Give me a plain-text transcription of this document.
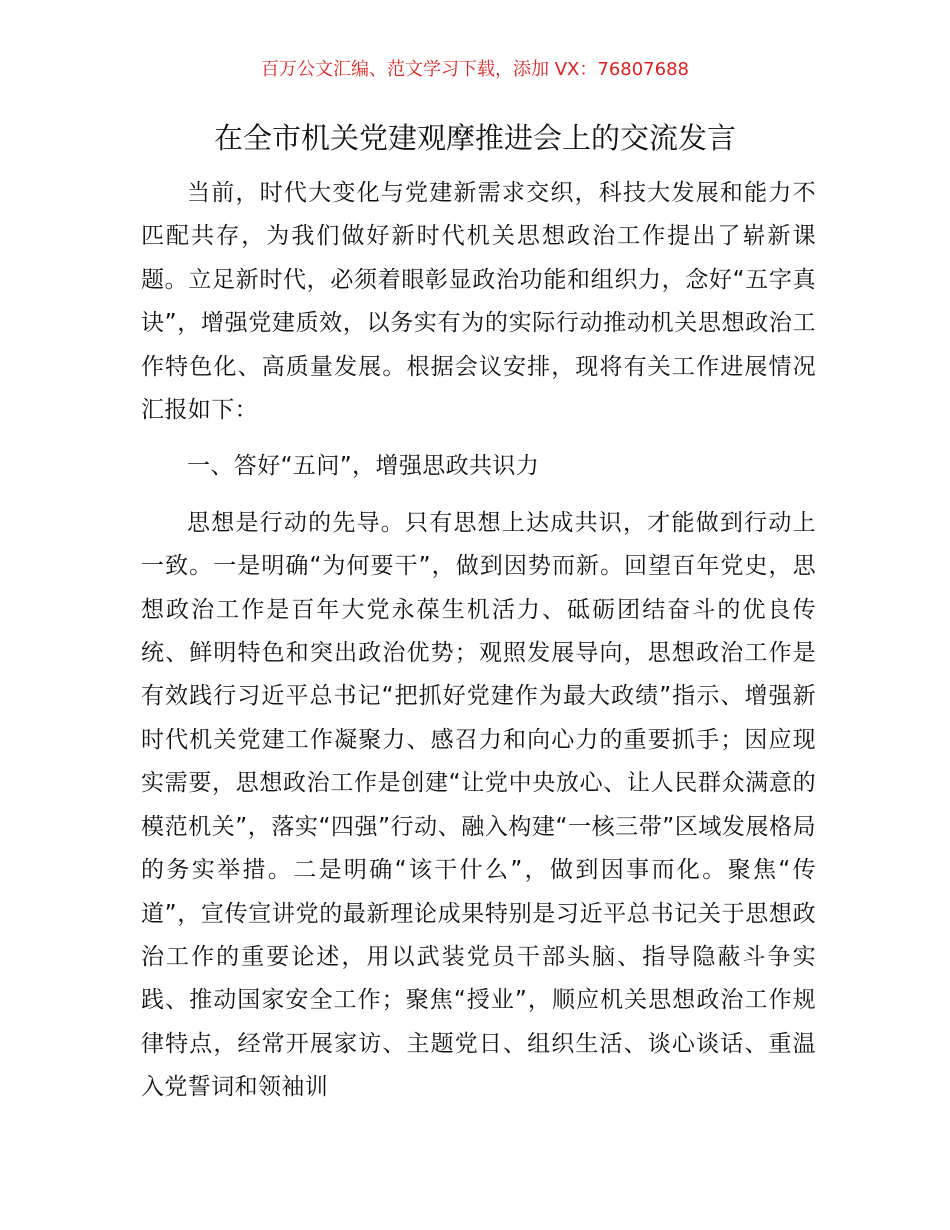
百万公文汇编、范文学习下载，添加 VX：76807688
在全市机关党建观摩推进会上的交流发言

当前，时代大变化与党建新需求交织，科技大发展和能力不匹配共存，为我们做好新时代机关思想政治工作提出了崭新课题。立足新时代，必须着眼彰显政治功能和组织力，念好“五字真诀”，增强党建质效，以务实有为的实际行动推动机关思想政治工作特色化、高质量发展。根据会议安排，现将有关工作进展情况汇报如下：

一、答好“五问”，增强思政共识力

思想是行动的先导。只有思想上达成共识，才能做到行动上一致。一是明确“为何要干”，做到因势而新。回望百年党史，思想政治工作是百年大党永葆生机活力、砥砺团结奋斗的优良传统、鲜明特色和突出政治优势；观照发展导向，思想政治工作是有效践行习近平总书记“把抓好党建作为最大政绩”指示、增强新时代机关党建工作凝聚力、感召力和向心力的重要抓手；因应现实需要，思想政治工作是创建“让党中央放心、让人民群众满意的模范机关”，落实“四强”行动、融入构建“一核三带”区域发展格局的务实举措。二是明确“该干什么”，做到因事而化。聚焦“传道”，宣传宣讲党的最新理论成果特别是习近平总书记关于思想政治工作的重要论述，用以武装党员干部头脑、指导隐蔽斗争实践、推动国家安全工作；聚焦“授业”，顺应机关思想政治工作规律特点，经常开展家访、主题党日、组织生活、谈心谈话、重温入党誓词和领袖训
